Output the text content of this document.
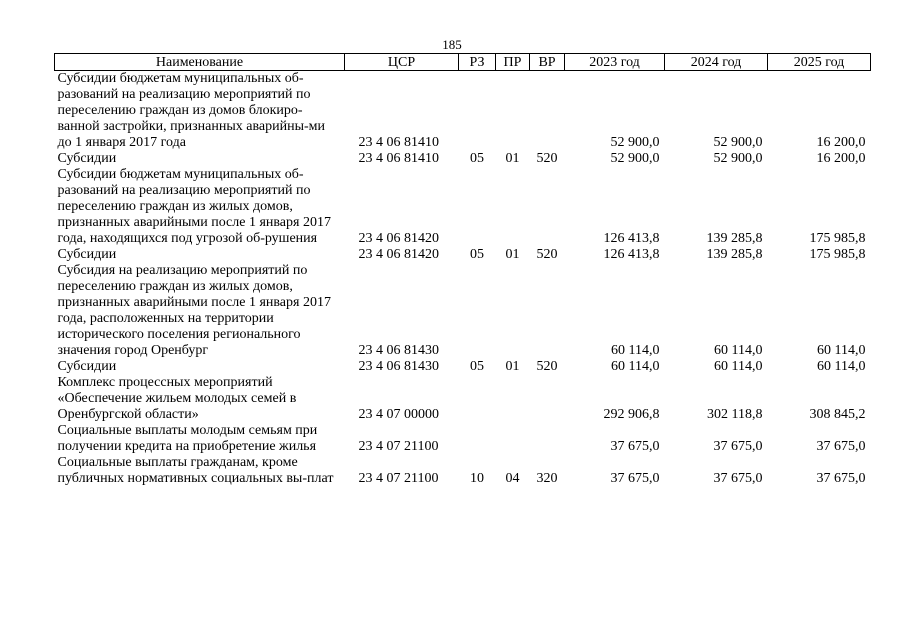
185
Наименование	ЦСР	РЗ	ПР	ВР	2023 год	2024 год	2025 год
Субсидии бюджетам муниципальных об-разований на реализацию мероприятий по переселению граждан из домов блокиро-ванной застройки, признанных аварийны-ми до 1 января 2017 года	23 4 06 81410				52 900,0	52 900,0	16 200,0
Субсидии	23 4 06 81410	05	01	520	52 900,0	52 900,0	16 200,0
Субсидии бюджетам муниципальных об-разований на реализацию мероприятий по переселению граждан из жилых домов, признанных аварийными после 1 января 2017 года, находящихся под угрозой об-рушения	23 4 06 81420				126 413,8	139 285,8	175 985,8
Субсидии	23 4 06 81420	05	01	520	126 413,8	139 285,8	175 985,8
Субсидия на реализацию мероприятий по переселению граждан из жилых домов, признанных аварийными после 1 января 2017 года, расположенных на территории исторического поселения регионального значения город Оренбург	23 4 06 81430				60 114,0	60 114,0	60 114,0
Субсидии	23 4 06 81430	05	01	520	60 114,0	60 114,0	60 114,0
Комплекс процессных мероприятий «Обеспечение жильем молодых семей в Оренбургской области»	23 4 07 00000				292 906,8	302 118,8	308 845,2
Социальные выплаты молодым семьям при получении кредита на приобретение жилья	23 4 07 21100				37 675,0	37 675,0	37 675,0
Социальные выплаты гражданам, кроме публичных нормативных социальных вы-плат	23 4 07 21100	10	04	320	37 675,0	37 675,0	37 675,0
